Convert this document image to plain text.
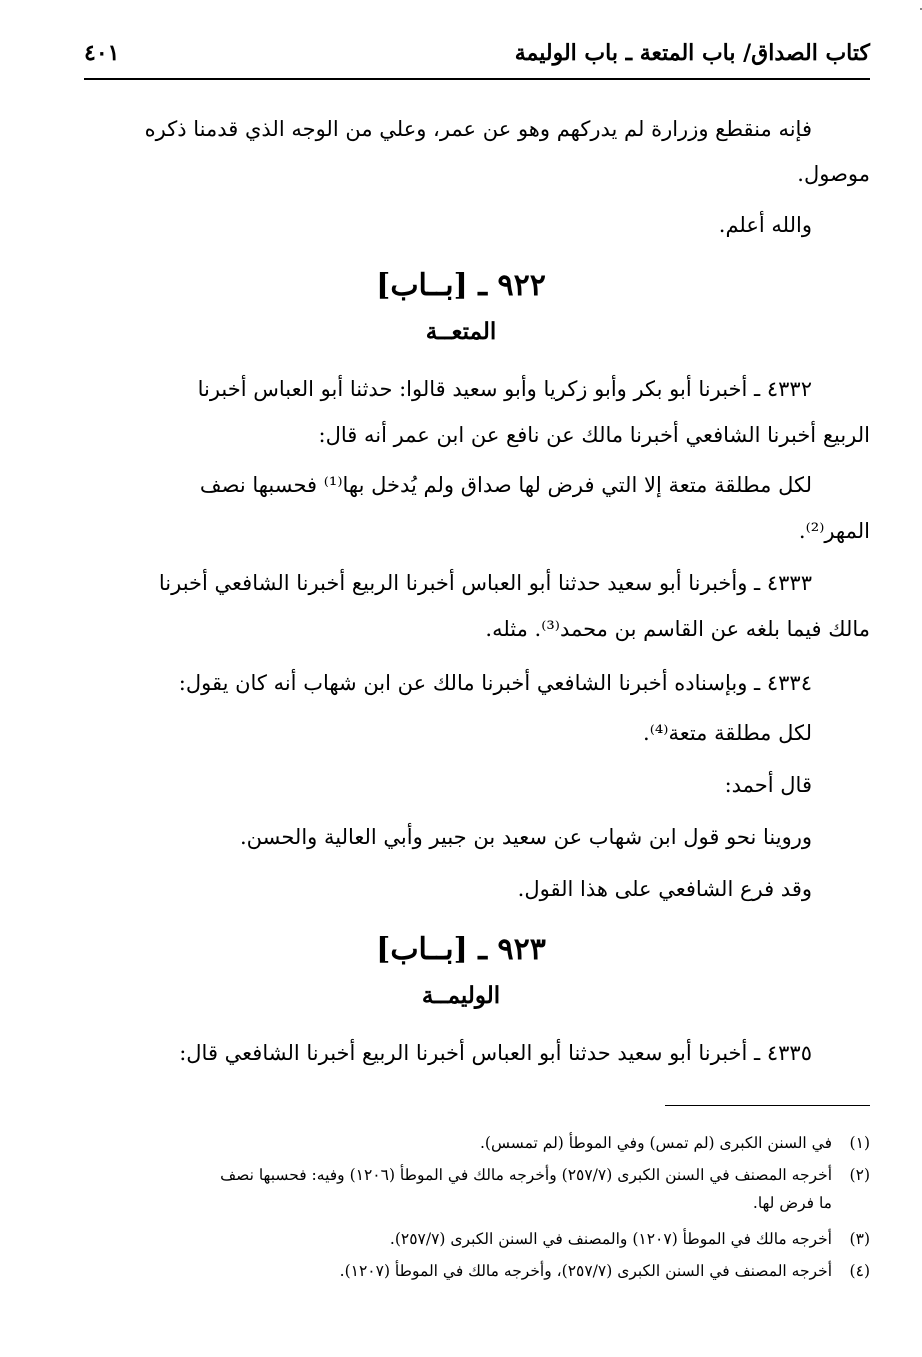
كتاب الصداق/ باب المتعة ـ باب الوليمة
٤٠١
فإنه منقطع وزرارة لم يدركهم وهو عن عمر، وعلي من الوجه الذي قدمنا ذكره
موصول.
والله أعلم.
٩٢٢ ـ [بــاب]
المتعــة
٤٣٣٢ ـ أخبرنا أبو بكر وأبو زكريا وأبو سعيد قالوا: حدثنا أبو العباس أخبرنا
الربيع أخبرنا الشافعي أخبرنا مالك عن نافع عن ابن عمر أنه قال:
لكل مطلقة متعة إلا التي فرض لها صداق ولم يُدخل بها⁽¹⁾ فحسبها نصف
المهر⁽²⁾.
٤٣٣٣ ـ وأخبرنا أبو سعيد حدثنا أبو العباس أخبرنا الربيع أخبرنا الشافعي أخبرنا
مالك فيما بلغه عن القاسم بن محمد⁽³⁾. مثله.
٤٣٣٤ ـ وبإسناده أخبرنا الشافعي أخبرنا مالك عن ابن شهاب أنه كان يقول:
لكل مطلقة متعة⁽⁴⁾.
قال أحمد:
وروينا نحو قول ابن شهاب عن سعيد بن جبير وأبي العالية والحسن.
وقد فرع الشافعي على هذا القول.
٩٢٣ ـ [بــاب]
الوليمــة
٤٣٣٥ ـ أخبرنا أبو سعيد حدثنا أبو العباس أخبرنا الربيع أخبرنا الشافعي قال:
(١)في السنن الكبرى (لم تمس) وفي الموطأ (لم تمسس).
(٢)أخرجه المصنف في السنن الكبرى (٢٥٧/٧) وأخرجه مالك في الموطأ (١٢٠٦) وفيه: فحسبها نصف
ما فرض لها.
(٣)أخرجه مالك في الموطأ (١٢٠٧) والمصنف في السنن الكبرى (٢٥٧/٧).
(٤)أخرجه المصنف في السنن الكبرى (٢٥٧/٧)، وأخرجه مالك في الموطأ (١٢٠٧).
